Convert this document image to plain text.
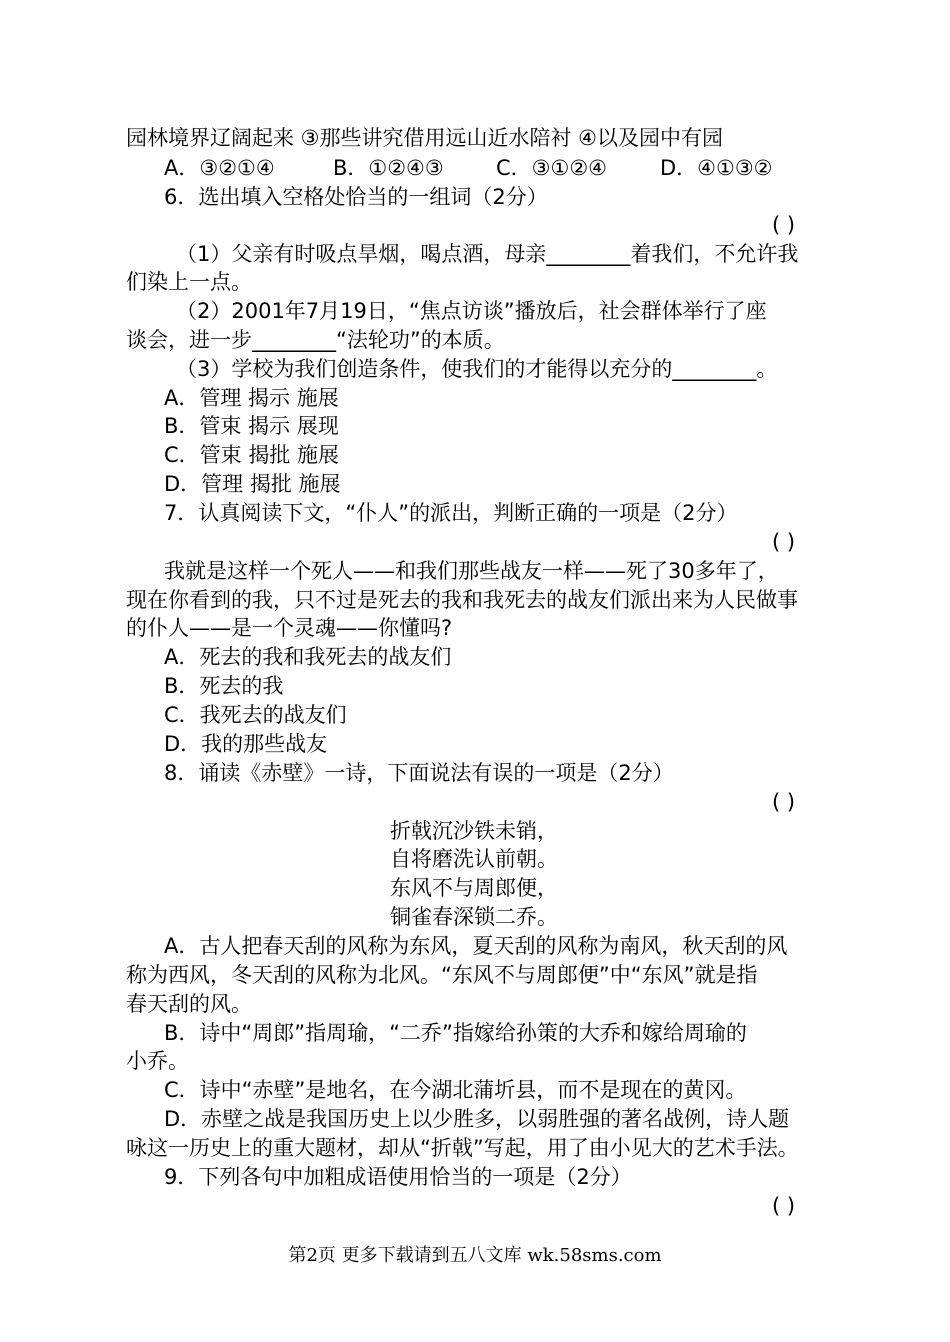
园林境界辽阔起来 ③那些讲究借用远山近水陪衬 ④以及园中有园
A．③②①④	B．①②④③ C．③①②④	D．④①③②
6．选出填入空格处恰当的一组词（2分）
( )
（1）父亲有时吸点旱烟，喝点酒，母亲________着我们，不允许我
们染上一点。
（2）2001年7月19日，“焦点访谈”播放后，社会群体举行了座
谈会，进一步________“法轮功”的本质。
（3）学校为我们创造条件，使我们的才能得以充分的________。
A．管理 揭示 施展
B．管束 揭示 展现
C．管束 揭批 施展
D．管理 揭批 施展
7．认真阅读下文，“仆人”的派出，判断正确的一项是（2分）
( )
我就是这样一个死人——和我们那些战友一样——死了30多年了，
现在你看到的我，只不过是死去的我和我死去的战友们派出来为人民做事
的仆人——是一个灵魂——你懂吗?
A．死去的我和我死去的战友们
B．死去的我
C．我死去的战友们
D．我的那些战友
8．诵读《赤壁》一诗，下面说法有误的一项是（2分）
( )
折戟沉沙铁未销，
自将磨洗认前朝。
东风不与周郎便，
铜雀春深锁二乔。
A．古人把春天刮的风称为东风，夏天刮的风称为南风，秋天刮的风
称为西风，冬天刮的风称为北风。“东风不与周郎便”中“东风”就是指
春天刮的风。
B．诗中“周郎”指周瑜，“二乔”指嫁给孙策的大乔和嫁给周瑜的
小乔。
C．诗中“赤壁”是地名，在今湖北蒲圻县，而不是现在的黄冈。
D．赤壁之战是我国历史上以少胜多，以弱胜强的著名战例，诗人题
咏这一历史上的重大题材，却从“折戟”写起，用了由小见大的艺术手法。
9．下列各句中加粗成语使用恰当的一项是（2分）
( )
第2页 更多下载请到五八文库 wk.58sms.com
